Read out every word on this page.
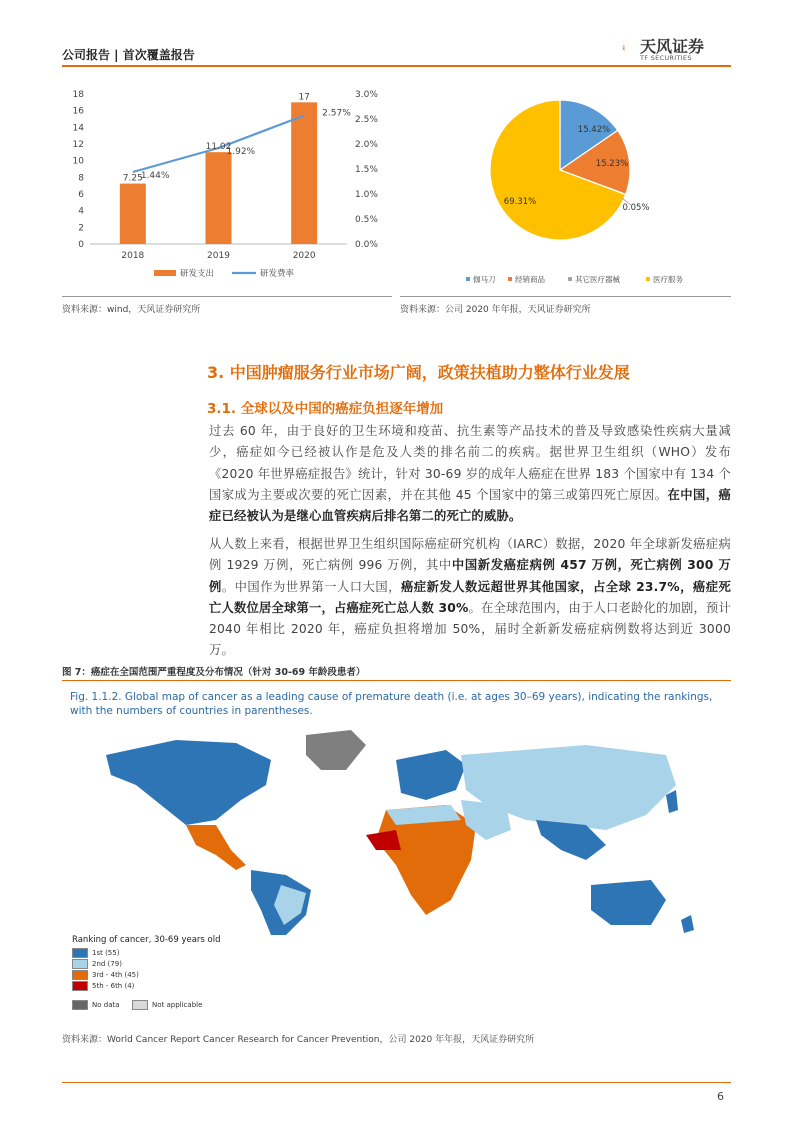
公司报告 | 首次覆盖报告	天风证券
TF SECURITIES
18
16
14
12
10
8
6
4
2
0
3.0%
2.5%
2.0%
1.5%
1.0%
0.5%
0.0%
2018	2019	2020
7.25
1.44%
11.02
1.92%
17
2.57%
研发支出	研发费率
资料来源：wind，天风证券研究所
15.42%
15.23%
0.05%
69.31%
伽马刀	经销商品	其它医疗器械	医疗服务
资料来源：公司 2020 年年报，天风证券研究所
3. 中国肿瘤服务行业市场广阔，政策扶植助力整体行业发展
3.1. 全球以及中国的癌症负担逐年增加
过去 60 年，由于良好的卫生环境和疫苗、抗生素等产品技术的普及导致感染性疾病大量减少，癌症如今已经被认作是危及人类的排名前二的疾病。据世界卫生组织（WHO）发布《2020 年世界癌症报告》统计，针对 30-69 岁的成年人癌症在世界 183 个国家中有 134 个国家成为主要或次要的死亡因素，并在其他 45 个国家中的第三或第四死亡原因。在中国，癌症已经被认为是继心血管疾病后排名第二的死亡的威胁。
从人数上来看，根据世界卫生组织国际癌症研究机构（IARC）数据，2020 年全球新发癌症病例 1929 万例，死亡病例 996 万例，其中中国新发癌症病例 457 万例，死亡病例 300 万例。中国作为世界第一人口大国，癌症新发人数远超世界其他国家，占全球 23.7%，癌症死亡人数位居全球第一，占癌症死亡总人数 30%。在全球范围内，由于人口老龄化的加剧，预计 2040 年相比 2020 年，癌症负担将增加 50%，届时全新新发癌症病例数将达到近 3000 万。
图 7：癌症在全国范围严重程度及分布情况（针对 30-69 年龄段患者）
Fig. 1.1.2. Global map of cancer as a leading cause of premature death (i.e. at ages 30–69 years), indicating the rankings, with the numbers of countries in parentheses.
Ranking of cancer, 30-69 years old
1st (55)
2nd (79)
3rd - 4th (45)
5th - 6th (4)
No data	Not applicable
资料来源：World Cancer Report Cancer Research for Cancer Prevention，公司 2020 年年报，天风证券研究所
6
